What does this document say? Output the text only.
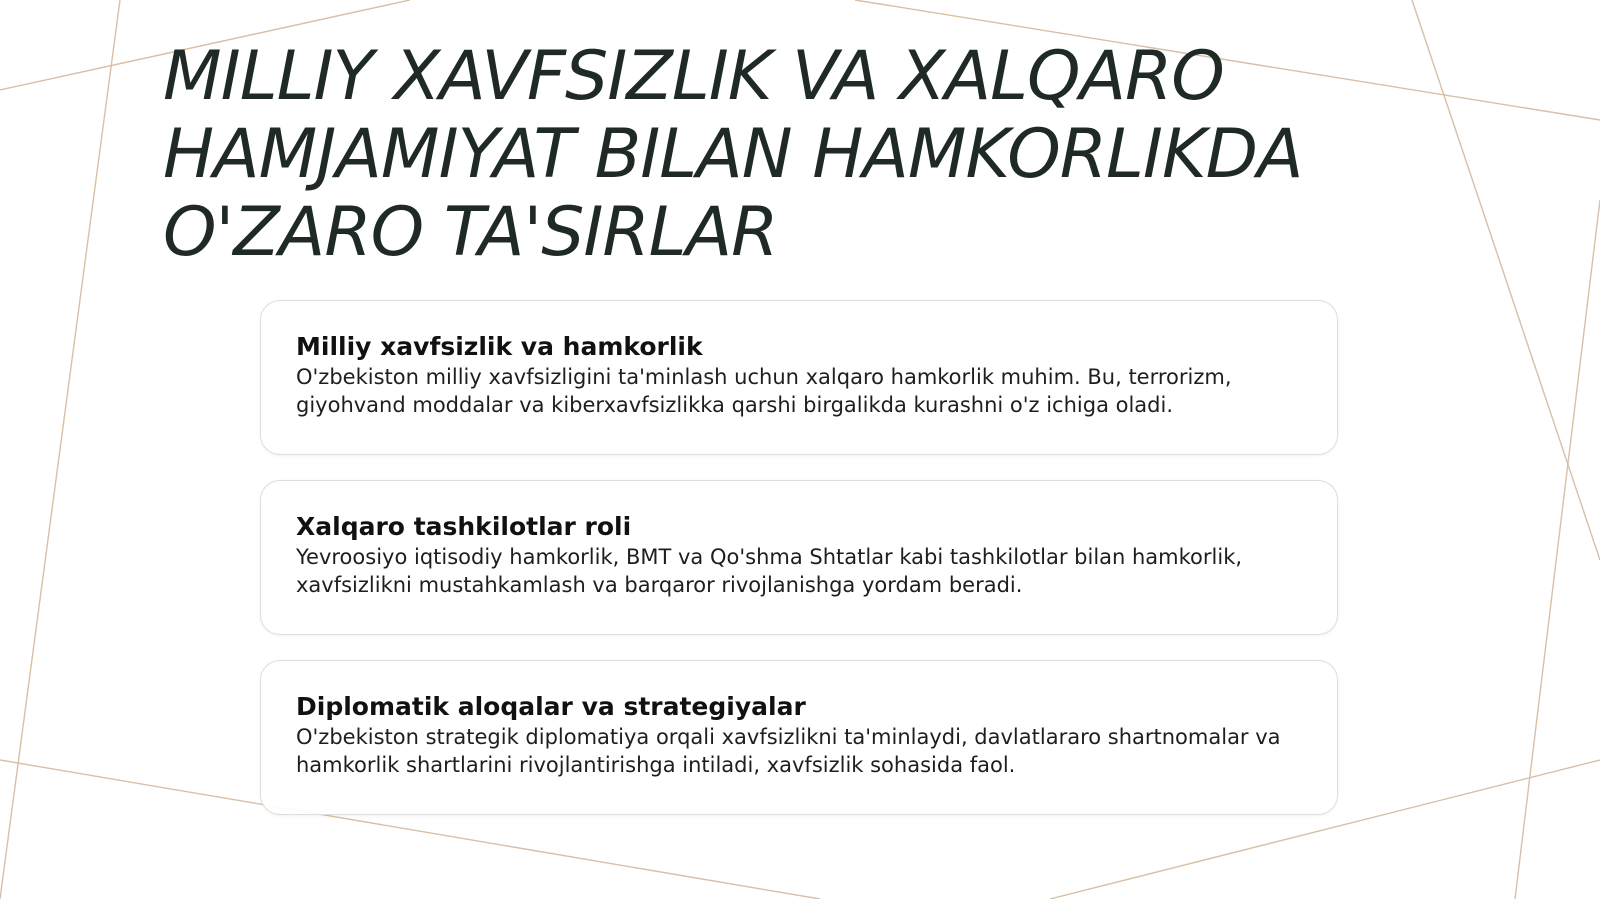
MILLIY XAVFSIZLIK VA XALQARO HAMJAMIYAT BILAN HAMKORLIKDA O'ZARO TA'SIRLAR
Milliy xavfsizlik va hamkorlik

O'zbekiston milliy xavfsizligini ta'minlash uchun xalqaro hamkorlik muhim. Bu, terrorizm, giyohvand moddalar va kiberxavfsizlikka qarshi birgalikda kurashni o'z ichiga oladi.

Xalqaro tashkilotlar roli

Yevroosiyo iqtisodiy hamkorlik, BMT va Qo'shma Shtatlar kabi tashkilotlar bilan hamkorlik, xavfsizlikni mustahkamlash va barqaror rivojlanishga yordam beradi.

Diplomatik aloqalar va strategiyalar

O'zbekiston strategik diplomatiya orqali xavfsizlikni ta'minlaydi, davlatlararo shartnomalar va hamkorlik shartlarini rivojlantirishga intiladi, xavfsizlik sohasida faol.
